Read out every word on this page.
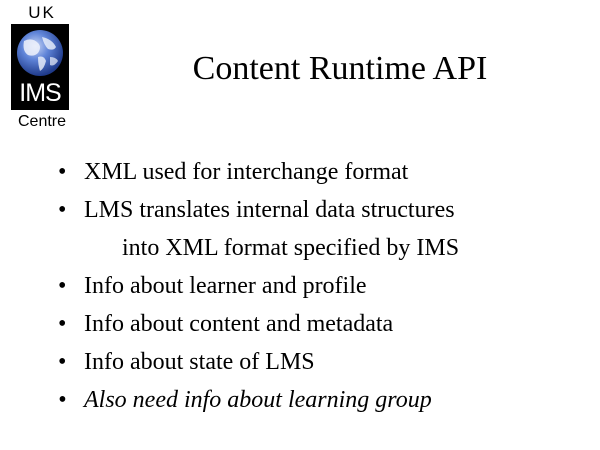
UK
IMS
Centre
Content Runtime API
• XML used for interchange format
• LMS translates internal data structures
into XML format specified by IMS
• Info about learner and profile
• Info about content and metadata
• Info about state of LMS
• Also need info about learning group
